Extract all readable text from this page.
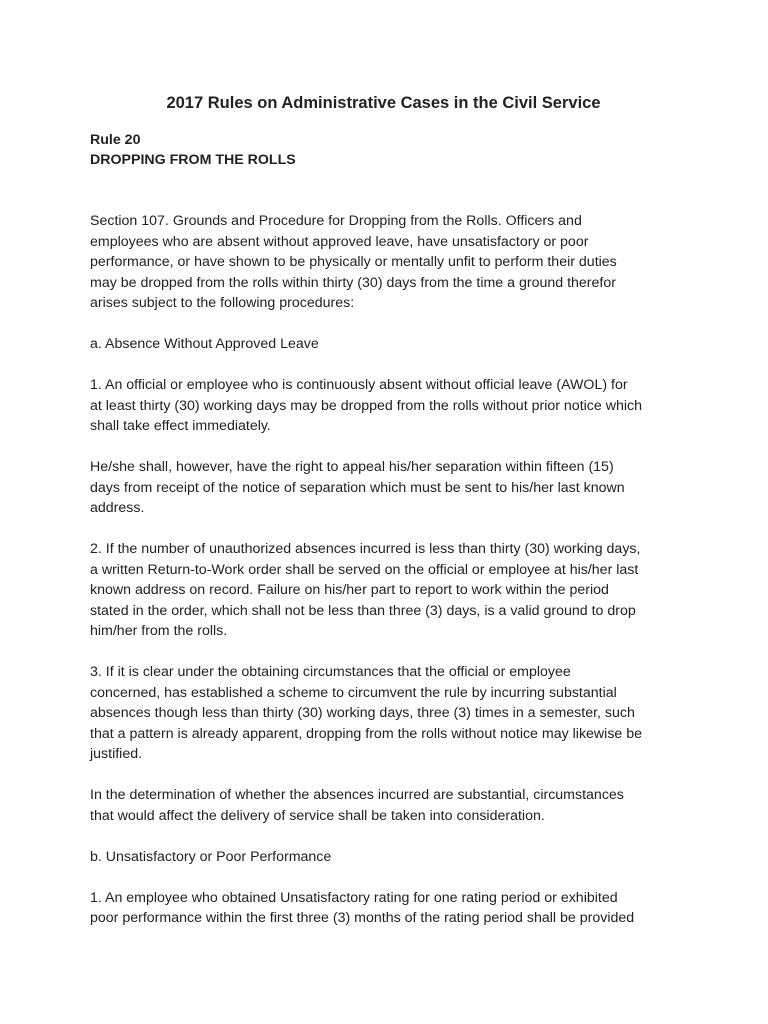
2017 Rules on Administrative Cases in the Civil Service
Rule 20
DROPPING FROM THE ROLLS

Section 107. Grounds and Procedure for Dropping from the Rolls. Officers and
employees who are absent without approved leave, have unsatisfactory or poor
performance, or have shown to be physically or mentally unfit to perform their duties
may be dropped from the rolls within thirty (30) days from the time a ground therefor
arises subject to the following procedures:

a. Absence Without Approved Leave

1. An official or employee who is continuously absent without official leave (AWOL) for
at least thirty (30) working days may be dropped from the rolls without prior notice which
shall take effect immediately.

He/she shall, however, have the right to appeal his/her separation within fifteen (15)
days from receipt of the notice of separation which must be sent to his/her last known
address.

2. If the number of unauthorized absences incurred is less than thirty (30) working days,
a written Return-to-Work order shall be served on the official or employee at his/her last
known address on record. Failure on his/her part to report to work within the period
stated in the order, which shall not be less than three (3) days, is a valid ground to drop
him/her from the rolls.

3. If it is clear under the obtaining circumstances that the official or employee
concerned, has established a scheme to circumvent the rule by incurring substantial
absences though less than thirty (30) working days, three (3) times in a semester, such
that a pattern is already apparent, dropping from the rolls without notice may likewise be
justified.

In the determination of whether the absences incurred are substantial, circumstances
that would affect the delivery of service shall be taken into consideration.

b. Unsatisfactory or Poor Performance

1. An employee who obtained Unsatisfactory rating for one rating period or exhibited
poor performance within the first three (3) months of the rating period shall be provided
